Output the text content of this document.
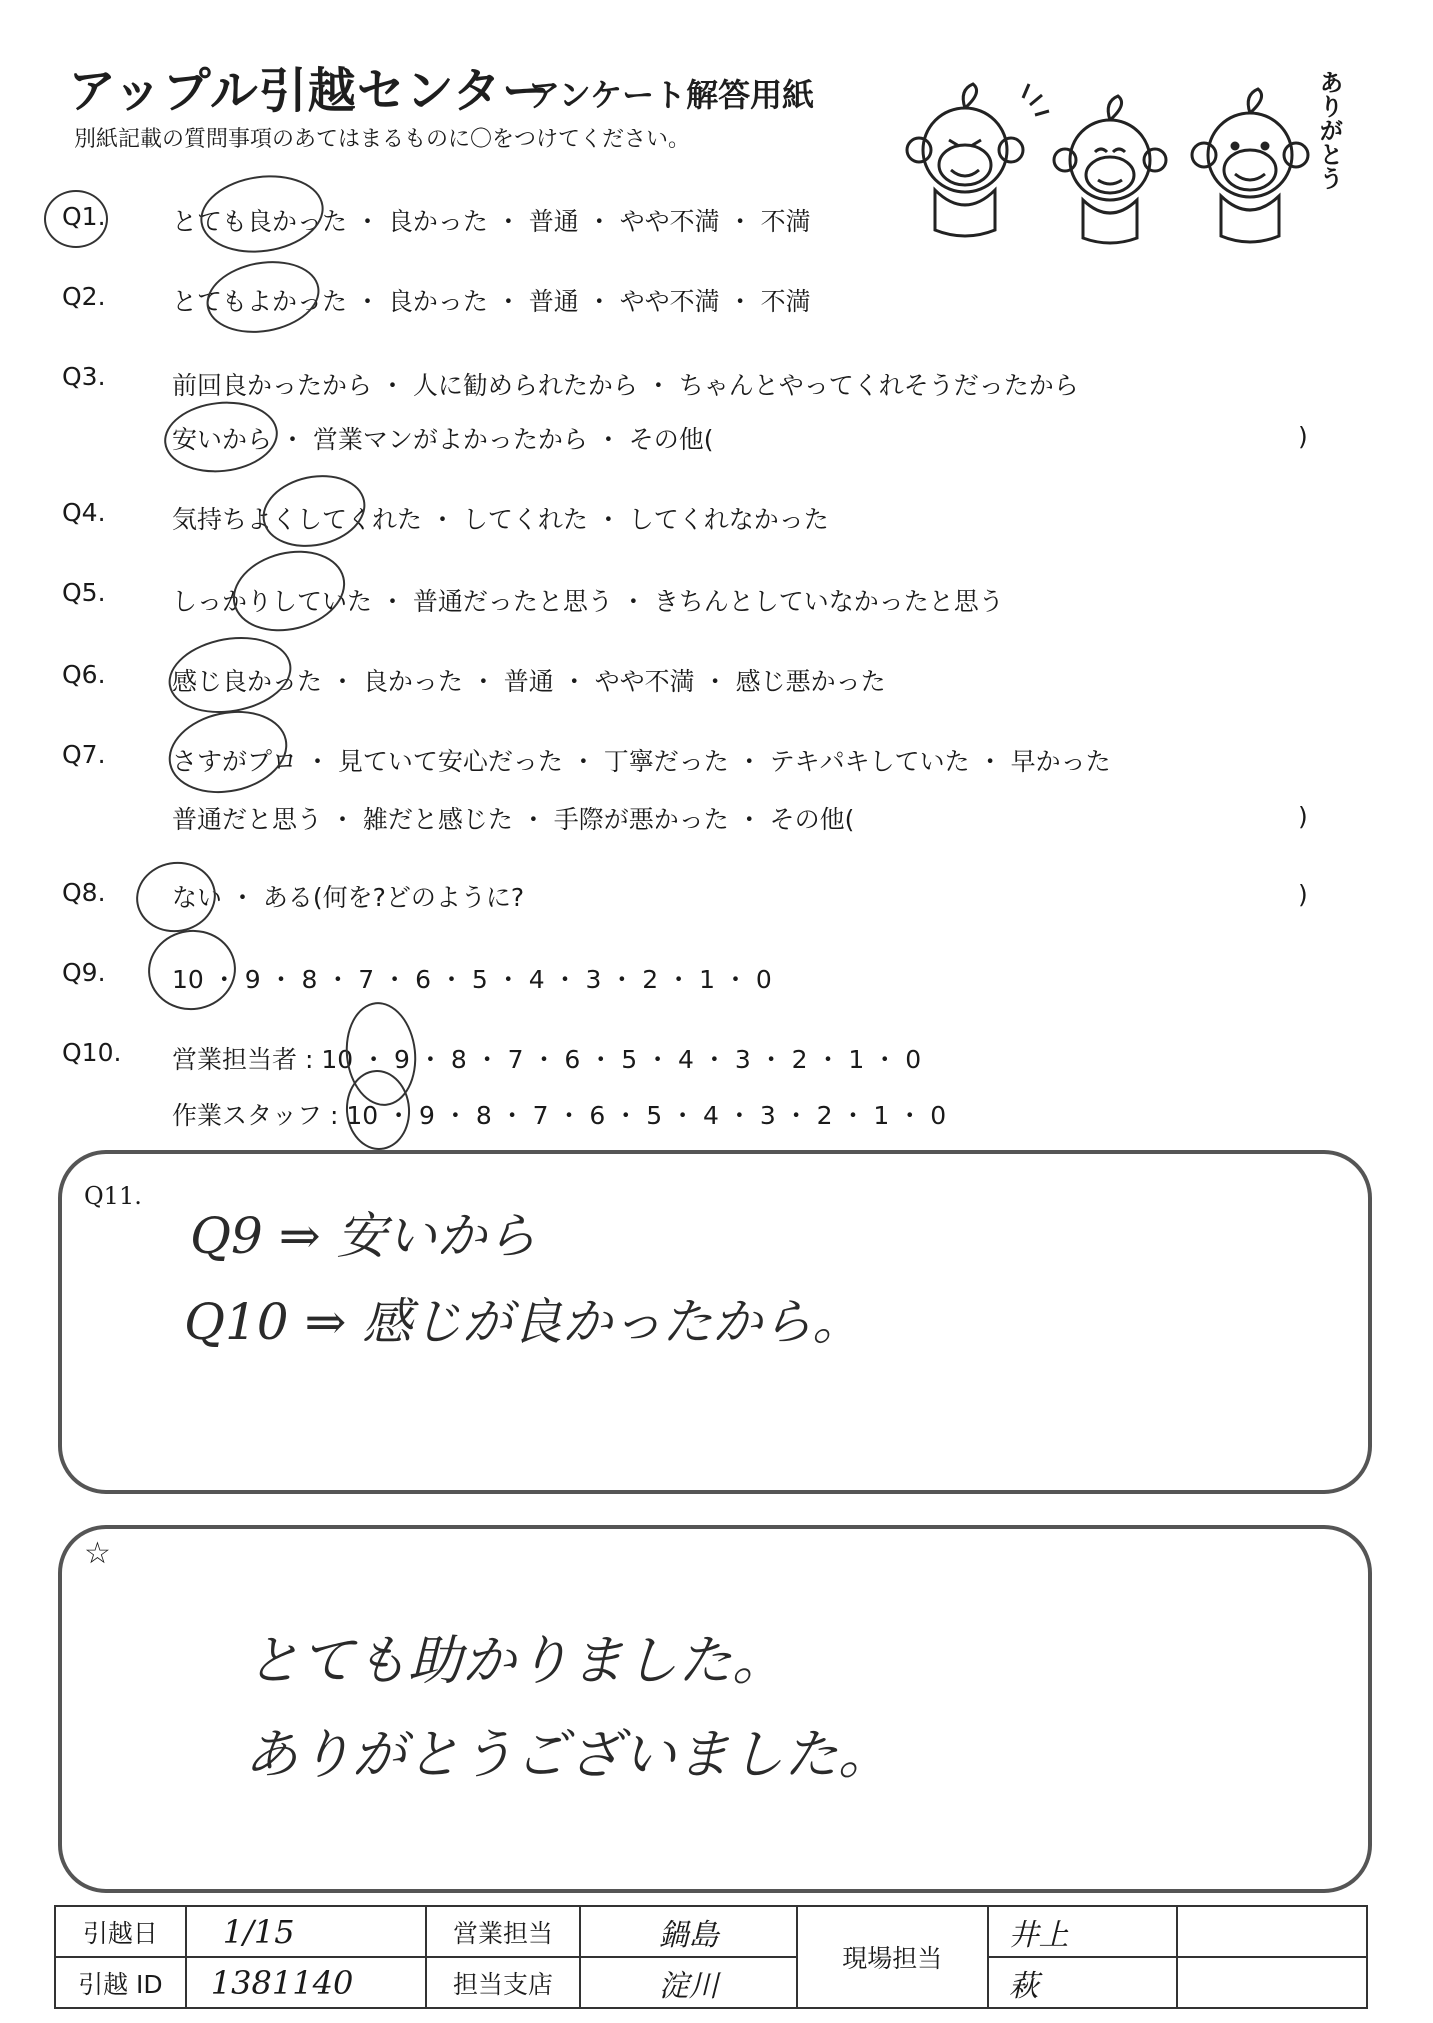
アップル引越センター
アンケート解答用紙
別紙記載の質問事項のあてはまるものに〇をつけてください。	ありがとう
Q1.	とても良かった ・ 良かった ・ 普通 ・ やや不満 ・ 不満
Q2.	とてもよかった ・ 良かった ・ 普通 ・ やや不満 ・ 不満
Q3.	前回良かったから ・ 人に勧められたから ・ ちゃんとやってくれそうだったから
安いから ・ 営業マンがよかったから ・ その他(	)
Q4.	気持ちよくしてくれた ・ してくれた ・ してくれなかった
Q5.	しっかりしていた ・ 普通だったと思う ・ きちんとしていなかったと思う
Q6.	感じ良かった ・ 良かった ・ 普通 ・ やや不満 ・ 感じ悪かった
Q7.	さすがプロ ・ 見ていて安心だった ・ 丁寧だった ・ テキパキしていた ・ 早かった
普通だと思う ・ 雑だと感じた ・ 手際が悪かった ・ その他(	)
Q8.	ない ・ ある(何を?どのように?	)
Q9.	10 ・ 9 ・ 8 ・ 7 ・ 6 ・ 5 ・ 4 ・ 3 ・ 2 ・ 1 ・ 0
Q10. 営業担当者 : 10 ・ 9 ・ 8 ・ 7 ・ 6 ・ 5 ・ 4 ・ 3 ・ 2 ・ 1 ・ 0
作業スタッフ : 10 ・ 9 ・ 8 ・ 7 ・ 6 ・ 5 ・ 4 ・ 3 ・ 2 ・ 1 ・ 0
Q11.
Q9 ⇒ 安いから
Q10 ⇒ 感じが良かったから。
☆
とても助かりました。
ありがとうございました。
引越日	1/15	営業担当	鍋島	現場担当	井上	
引越 ID	1381140	担当支店	淀川		萩	
